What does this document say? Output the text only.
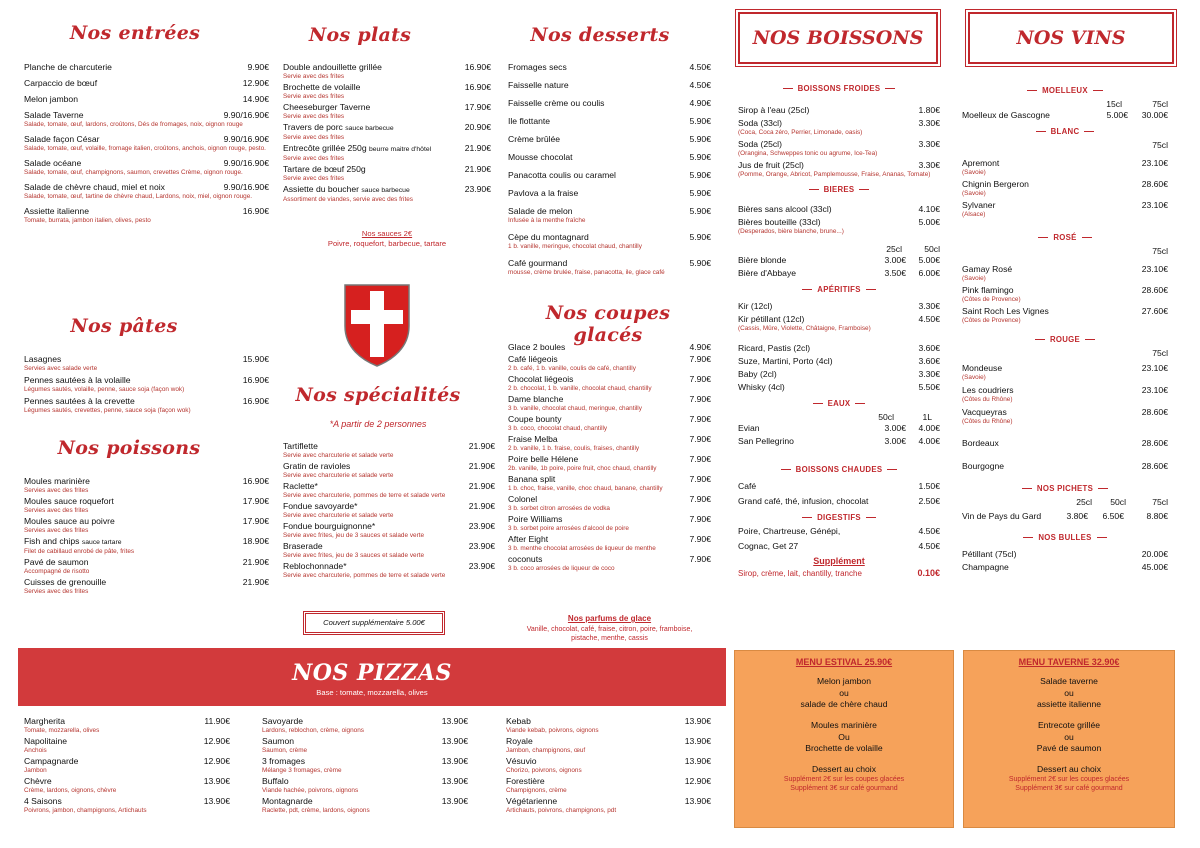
Nos entrées
Planche de charcuterie	9.90€
Carpaccio de bœuf	12.90€
Melon jambon	14.90€
Salade Taverne	9.90/16.90€
Salade, tomate, œuf, lardons, croûtons, Dés de fromages, noix, oignon rouge
Salade façon César	9.90/16.90€
Salade, tomate, œuf, volaille, fromage italien, croûtons, anchois, oignon rouge, pesto.
Salade océane	9.90/16.90€
Salade, tomate, œuf, champignons, saumon, crevettes Crème, oignon rouge.
Salade de chèvre chaud, miel et noix	9.90/16.90€
Salade, tomate, œuf, tartine de chèvre chaud, Lardons, noix, miel, oignon rouge.
Assiette italienne	16.90€
Tomate, burrata, jambon italien, olives, pesto
Nos pâtes
Lasagnes	15.90€
Servies avec salade verte
Pennes sautées à la volaille	16.90€
Légumes sautés, volaille, penne, sauce soja (façon wok)
Pennes sautées à la crevette	16.90€
Légumes sautés, crevettes, penne, sauce soja (façon wok)
Nos poissons
Moules marinière	16.90€
Servies avec des frites
Moules sauce roquefort	17.90€
Servies avec des frites
Moules sauce au poivre	17.90€
Servies avec des frites
Fish and chips sauce tartare	18.90€
Filet de cabillaud enrobé de pâte, frites
Pavé de saumon	21.90€
Accompagné de risotto
Cuisses de grenouille	21.90€
Servies avec des frites
Nos plats
Double andouillette grillée	16.90€
Servie avec des frites
Brochette de volaille	16.90€
Servie avec des frites
Cheeseburger Taverne	17.90€
Servie avec des frites
Travers de porc sauce barbecue	20.90€
Servie avec des frites
Entrecôte grillée 250g beurre maitre d'hôtel	21.90€
Servie avec des frites
Tartare de bœuf 250g	21.90€
Servie avec des frites
Assiette du boucher sauce barbecue	23.90€
Assortiment de viandes, servie avec des frites
Nos sauces 2€
Poivre, roquefort, barbecue, tartare
Nos spécialités
*A partir de 2 personnes
Tartiflette	21.90€
Servie avec charcuterie et salade verte
Gratin de ravioles	21.90€
Servie avec charcuterie et salade verte
Raclette*	21.90€
Servie avec charcuterie, pommes de terre et salade verte
Fondue savoyarde*	21.90€
Servie avec charcuterie et salade verte
Fondue bourguignonne*	23.90€
Servie avec frites, jeu de 3 sauces et salade verte
Braserade	23.90€
Servie avec frites, jeu de 3 sauces et salade verte
Reblochonnade*	23.90€
Servie avec charcuterie, pommes de terre et salade verte
Couvert supplémentaire 5.00€
Nos desserts
Fromages secs	4.50€
Faisselle nature	4.50€
Faisselle crème ou coulis	4.90€
Ile flottante	5.90€
Crème brûlée	5.90€
Mousse chocolat	5.90€
Panacotta coulis ou caramel	5.90€
Pavlova a la fraise	5.90€
Salade de melon	5.90€
Infusée à la menthe fraîche
Cèpe du montagnard	5.90€
1 b. vanille, meringue, chocolat chaud, chantilly
Café gourmand	5.90€
mousse, crème brulée, fraise, panacotta, ile, glace café
Nos coupes glacés
Glace 2 boules	4.90€
Café liégeois	7.90€
2 b. café, 1 b. vanille, coulis de café, chantilly
Chocolat liégeois	7.90€
2 b. chocolat, 1 b. vanille, chocolat chaud, chantilly
Dame blanche	7.90€
3 b. vanille, chocolat chaud, meringue, chantilly
Coupe bounty	7.90€
3 b. coco, chocolat chaud, chantilly
Fraise Melba	7.90€
2 b. vanille, 1 b. fraise, coulis, fraises, chantilly
Poire belle Hélene	7.90€
2b. vanille, 1b poire, poire fruit, choc chaud, chantilly
Banana split	7.90€
1 b. choc, fraise, vanille, choc chaud, banane, chantilly
Colonel	7.90€
3 b. sorbet citron arrosées de vodka
Poire Williams	7.90€
3 b. sorbet poire arrosées d'alcool de poire
After Eight	7.90€
3 b. menthe chocolat arrosées de liqueur de menthe
coconuts	7.90€
3 b. coco arrosées de liqueur de coco
Nos parfums de glace
Vanille, chocolat, café, fraise, citron, poire, framboise, pistache, menthe, cassis
NOS BOISSONS
BOISSONS FROIDES
Sirop à l'eau (25cl)	1.80€
Soda (33cl)	3.30€
(Coca, Coca zéro, Perrier, Limonade, oasis)
Soda (25cl)	3.30€
(Orangina, Schweppes tonic ou agrume, Ice-Tea)
Jus de fruit (25cl)	3.30€
(Pomme, Orange, Abricot, Pamplemousse, Fraise, Ananas, Tomate)
BIERES
Bières sans alcool (33cl)	4.10€
Bières bouteille (33cl)	5.00€
(Desperados, bière blanche, brune...)
25cl	50cl
Bière blonde	3.00€ 5.00€
Bière d'Abbaye	3.50€ 6.00€
APÉRITIFS
Kir (12cl)	3.30€
Kir pétillant (12cl)	4.50€
(Cassis, Mûre, Violette, Châtaigne, Framboise)
Ricard, Pastis (2cl)	3.60€
Suze, Martini, Porto (4cl)	3.60€
Baby (2cl)	3.30€
Whisky (4cl)	5.50€
EAUX
50cl	1L
Evian	3.00€ 4.00€
San Pellegrino	3.00€ 4.00€
BOISSONS CHAUDES
Café	1.50€
Grand café, thé, infusion, chocolat	2.50€
DIGESTIFS
Poire, Chartreuse, Génépi,	4.50€
Cognac, Get 27	4.50€
Supplément
Sirop, crème, lait, chantilly, tranche	0.10€
NOS VINS
MOELLEUX
15cl	75cl
Moelleux de Gascogne	5.00€ 30.00€
BLANC
75cl
Apremont	23.10€
(Savoie)
Chignin Bergeron	28.60€
(Savoie)
Sylvaner	23.10€
(Alsace)
ROSÉ
75cl
Gamay Rosé	23.10€
(Savoie)
Pink flamingo	28.60€
(Côtes de Provence)
Saint Roch Les Vignes	27.60€
(Côtes de Provence)
ROUGE
75cl
Mondeuse	23.10€
(Savoie)
Les coudriers	23.10€
(Côtes du Rhône)
Vacqueyras	28.60€
(Côtes du Rhône)
Bordeaux	28.60€
Bourgogne	28.60€
NOS PICHETS
25cl 50cl	75cl
Vin de Pays du Gard	3.80€ 6.50€	8.80€
NOS BULLES
Pétillant (75cl)	20.00€
Champagne	45.00€
NOS PIZZAS
Base : tomate, mozzarella, olives
Margherita	11.90€
Tomate, mozzarella, olives
Napolitaine	12.90€
Anchois
Campagnarde	12.90€
Jambon
Chèvre	13.90€
Crème, lardons, oignons, chèvre
4 Saisons	13.90€
Poivrons, jambon, champignons, Artichauts
Savoyarde	13.90€
Lardons, reblochon, crème, oignons
Saumon	13.90€
Saumon, crème
3 fromages	13.90€
Mélange 3 fromages, crème
Buffalo	13.90€
Viande hachée, poivrons, oignons
Montagnarde	13.90€
Raclette, pdt, crème, lardons, oignons
Kebab	13.90€
Viande kebab, poivrons, oignons
Royale	13.90€
Jambon, champignons, œuf
Vésuvio	13.90€
Chorizo, poivrons, oignons
Forestière	12.90€
Champignons, crème
Végétarienne	13.90€
Artichauts, poivrons, champignons, pdt
MENU ESTIVAL 25.90€
Melon jambon
ou
salade de chère chaud
Moules marinière
Ou
Brochette de volaille
Dessert au choix
Supplément 2€ sur les coupes glacées
Supplément 3€ sur café gourmand
MENU TAVERNE 32.90€
Salade taverne
ou
assiette italienne
Entrecote grillée
ou
Pavé de saumon
Dessert au choix
Supplément 2€ sur les coupes glacées
Supplément 3€ sur café gourmand
